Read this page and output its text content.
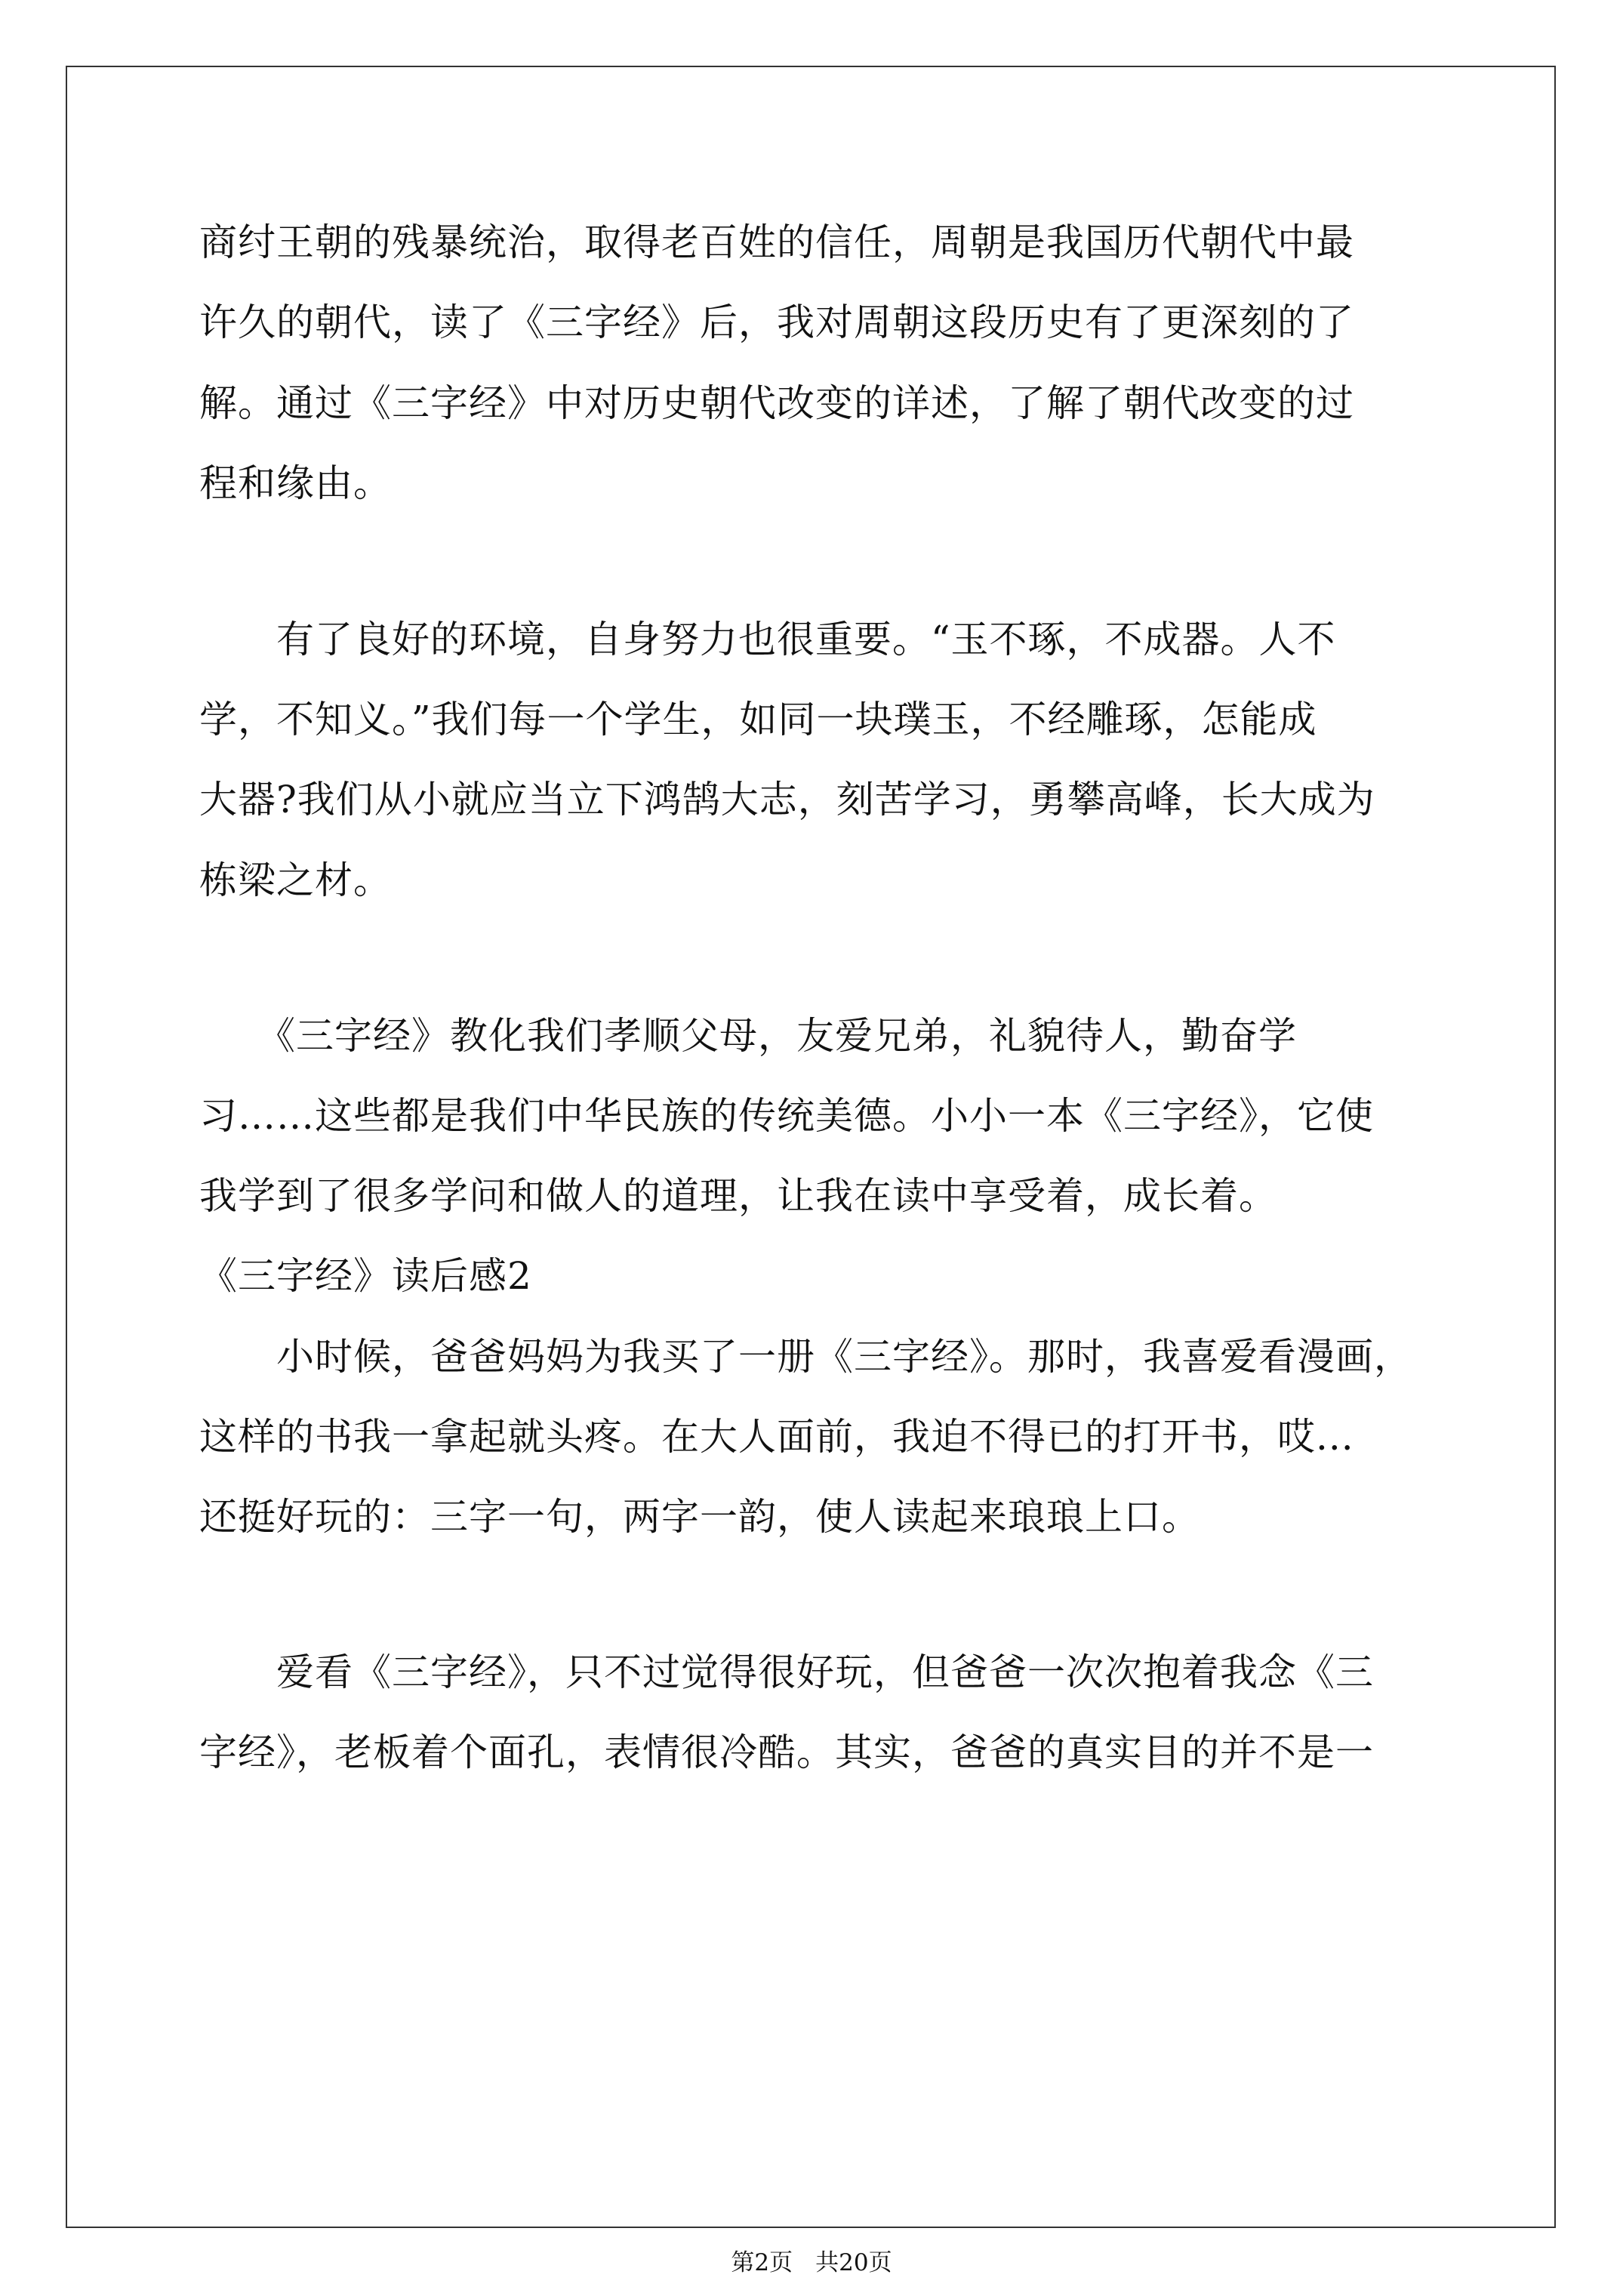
商纣王朝的残暴统治，取得老百姓的信任，周朝是我国历代朝代中最
许久的朝代，读了《三字经》后，我对周朝这段历史有了更深刻的了
解。通过《三字经》中对历史朝代改变的详述，了解了朝代改变的过
程和缘由。
　　有了良好的环境，自身努力也很重要。“玉不琢，不成器。人不
学，不知义。”我们每一个学生，如同一块璞玉，不经雕琢，怎能成
大器?我们从小就应当立下鸿鹄大志，刻苦学习，勇攀高峰，长大成为
栋梁之材。
　　《三字经》教化我们孝顺父母，友爱兄弟，礼貌待人，勤奋学
习……这些都是我们中华民族的传统美德。小小一本《三字经》，它使
我学到了很多学问和做人的道理，让我在读中享受着，成长着。
《三字经》读后感2
　　小时候，爸爸妈妈为我买了一册《三字经》。那时，我喜爱看漫画，
这样的书我一拿起就头疼。在大人面前，我迫不得已的打开书，哎...
还挺好玩的：三字一句，两字一韵，使人读起来琅琅上口。
　　爱看《三字经》，只不过觉得很好玩，但爸爸一次次抱着我念《三
字经》，老板着个面孔，表情很冷酷。其实，爸爸的真实目的并不是一
第2页 共20页
